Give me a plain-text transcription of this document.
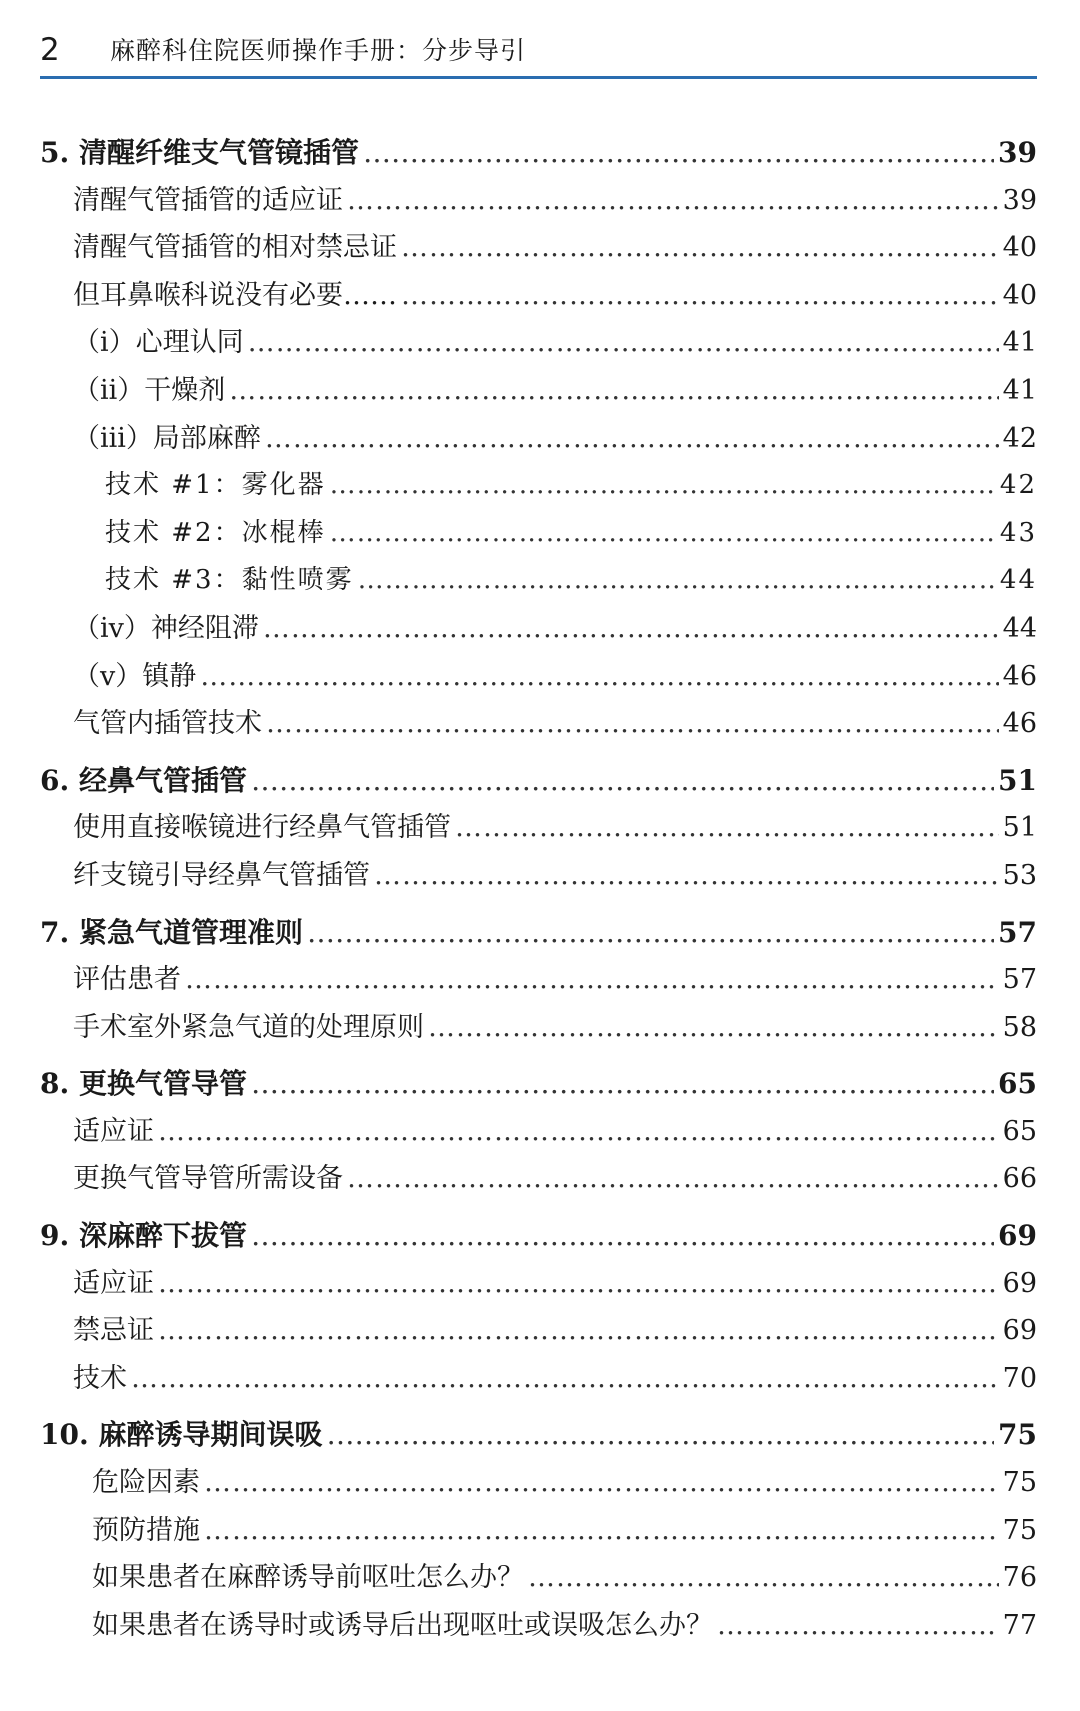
2	麻醉科住院医师操作手册：分步导引
5. 清醒纤维支气管镜插管 ………………………………………………………………………………………………………………………………………………………………………………………………………………………	39
清醒气管插管的适应证 ………………………………………………………………………………………………………………………………………………………………………………………………………………………	39
清醒气管插管的相对禁忌证 ………………………………………………………………………………………………………………………………………………………………………………………………………………………	40
但耳鼻喉科说没有必要…… ………………………………………………………………………………………………………………………………………………………………………………………………………………………	40
（i）心理认同 ………………………………………………………………………………………………………………………………………………………………………………………………………………………	41
（ii）干燥剂 ………………………………………………………………………………………………………………………………………………………………………………………………………………………	41
（iii）局部麻醉 ………………………………………………………………………………………………………………………………………………………………………………………………………………………	42
技术 #1：雾化器 ………………………………………………………………………………………………………………………………………………………………………………………………………………………	42
技术 #2：冰棍棒 ………………………………………………………………………………………………………………………………………………………………………………………………………………………	43
技术 #3：黏性喷雾 ………………………………………………………………………………………………………………………………………………………………………………………………………………………	44
（iv）神经阻滞 ………………………………………………………………………………………………………………………………………………………………………………………………………………………	44
（v）镇静 ………………………………………………………………………………………………………………………………………………………………………………………………………………………	46
气管内插管技术 ………………………………………………………………………………………………………………………………………………………………………………………………………………………	46
6. 经鼻气管插管 ………………………………………………………………………………………………………………………………………………………………………………………………………………………	51
使用直接喉镜进行经鼻气管插管 ………………………………………………………………………………………………………………………………………………………………………………………………………………………	51
纤支镜引导经鼻气管插管 ………………………………………………………………………………………………………………………………………………………………………………………………………………………	53
7. 紧急气道管理准则 ………………………………………………………………………………………………………………………………………………………………………………………………………………………	57
评估患者 ………………………………………………………………………………………………………………………………………………………………………………………………………………………	57
手术室外紧急气道的处理原则 ………………………………………………………………………………………………………………………………………………………………………………………………………………………	58
8. 更换气管导管 ………………………………………………………………………………………………………………………………………………………………………………………………………………………	65
适应证 ………………………………………………………………………………………………………………………………………………………………………………………………………………………	65
更换气管导管所需设备 ………………………………………………………………………………………………………………………………………………………………………………………………………………………	66
9. 深麻醉下拔管 ………………………………………………………………………………………………………………………………………………………………………………………………………………………	69
适应证 ………………………………………………………………………………………………………………………………………………………………………………………………………………………	69
禁忌证 ………………………………………………………………………………………………………………………………………………………………………………………………………………………	69
技术 ………………………………………………………………………………………………………………………………………………………………………………………………………………………	70
10. 麻醉诱导期间误吸 ………………………………………………………………………………………………………………………………………………………………………………………………………………………	75
危险因素 ………………………………………………………………………………………………………………………………………………………………………………………………………………………	75
预防措施 ………………………………………………………………………………………………………………………………………………………………………………………………………………………	75
如果患者在麻醉诱导前呕吐怎么办？ ………………………………………………………………………………………………………………………………………………………………………………………………………………………	76
如果患者在诱导时或诱导后出现呕吐或误吸怎么办？ ………………………………………………………………………………………………………………………………………………………………………………………………………………………	77
